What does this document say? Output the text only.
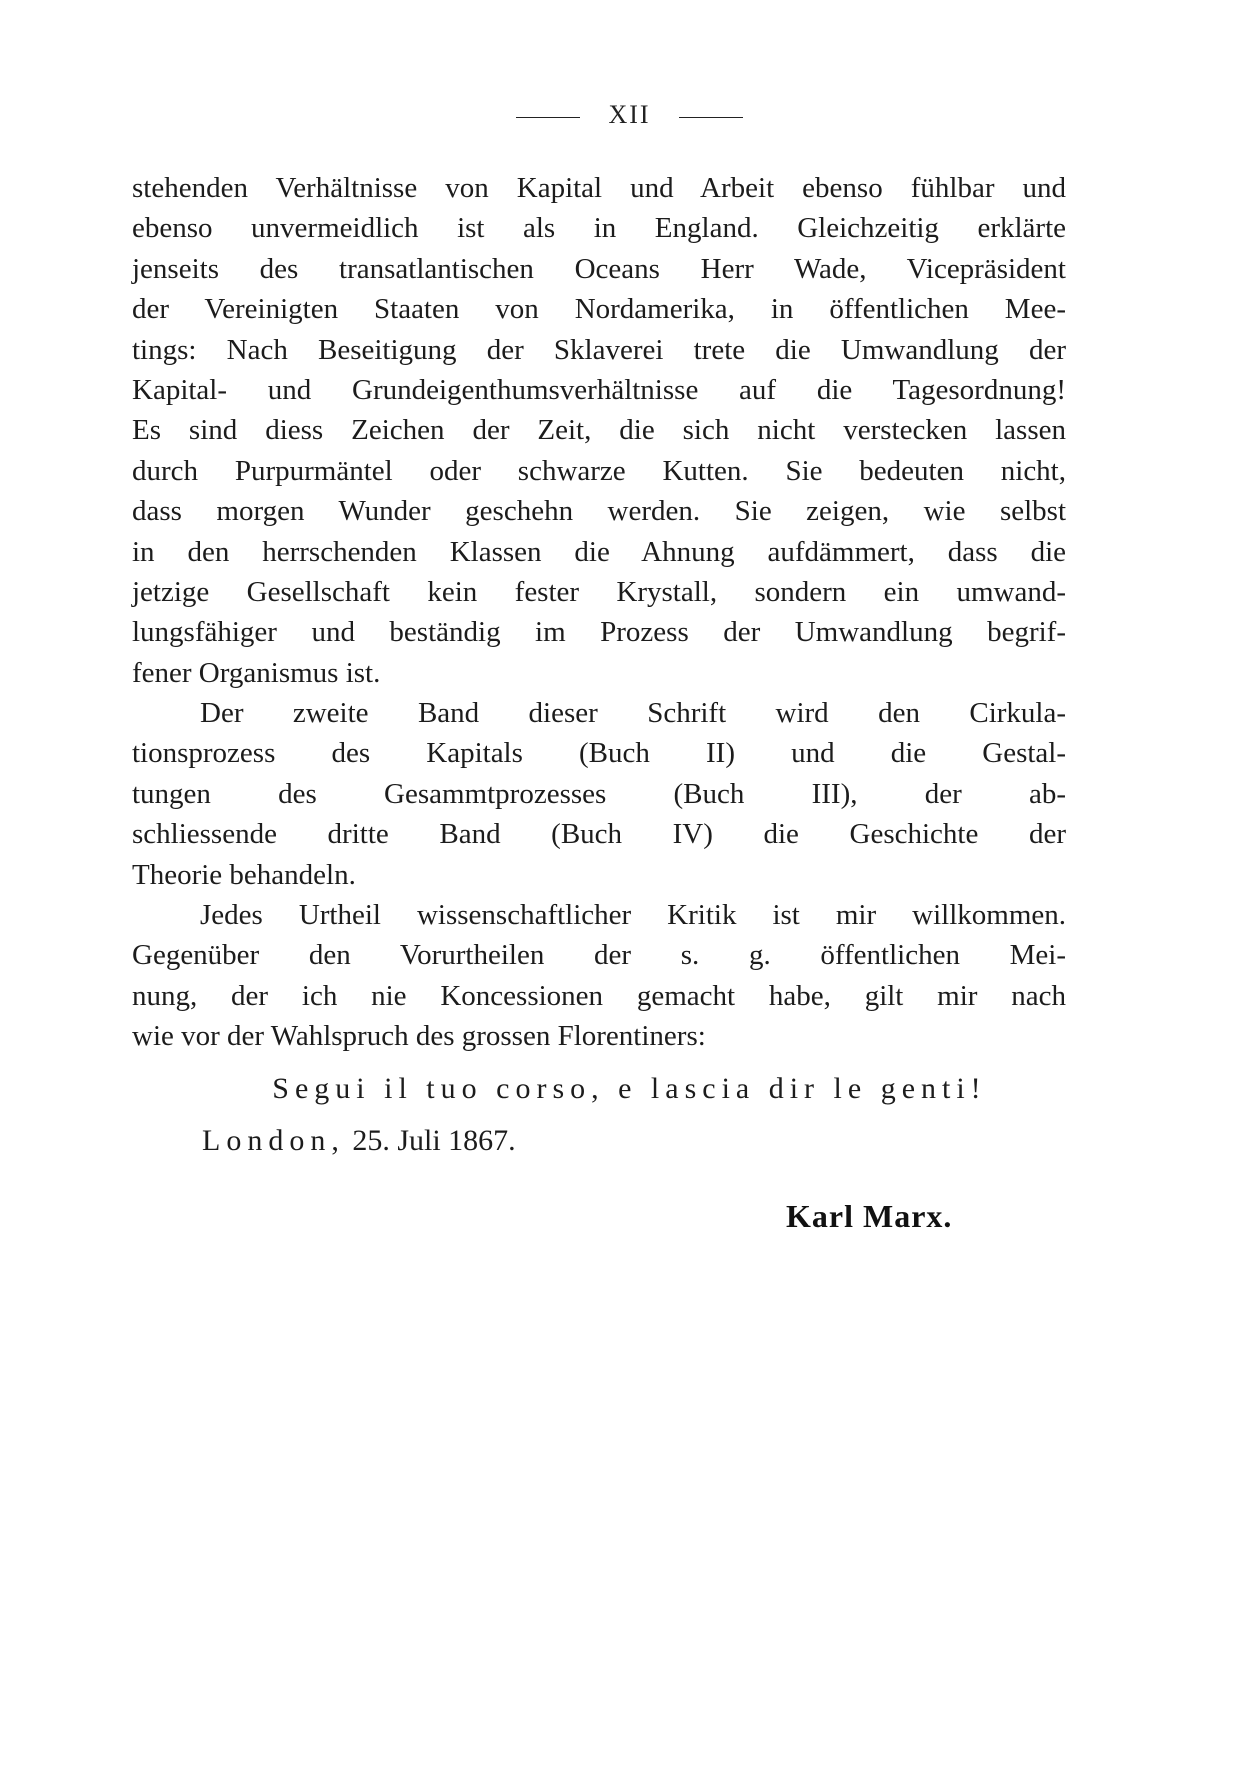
XII
stehenden Verhältnisse von Kapital und Arbeit ebenso fühlbar und
ebenso unvermeidlich ist als in England. Gleichzeitig erklärte
jenseits des transatlantischen Oceans Herr Wade, Vicepräsident
der Vereinigten Staaten von Nordamerika, in öffentlichen Mee-
tings: Nach Beseitigung der Sklaverei trete die Umwandlung der
Kapital- und Grundeigenthumsverhältnisse auf die Tagesordnung!
Es sind diess Zeichen der Zeit, die sich nicht verstecken lassen
durch Purpurmäntel oder schwarze Kutten. Sie bedeuten nicht,
dass morgen Wunder geschehn werden. Sie zeigen, wie selbst
in den herrschenden Klassen die Ahnung aufdämmert, dass die
jetzige Gesellschaft kein fester Krystall, sondern ein umwand-
lungsfähiger und beständig im Prozess der Umwandlung begrif-
fener Organismus ist.
Der zweite Band dieser Schrift wird den Cirkula-
tionsprozess des Kapitals (Buch II) und die Gestal-
tungen des Gesammtprozesses (Buch III), der ab-
schliessende dritte Band (Buch IV) die Geschichte der
Theorie behandeln.
Jedes Urtheil wissenschaftlicher Kritik ist mir willkommen.
Gegenüber den Vorurtheilen der s. g. öffentlichen Mei-
nung, der ich nie Koncessionen gemacht habe, gilt mir nach
wie vor der Wahlspruch des grossen Florentiners:
Segui il tuo corso, e lascia dir le genti!
London, 25. Juli 1867.
Karl Marx.
